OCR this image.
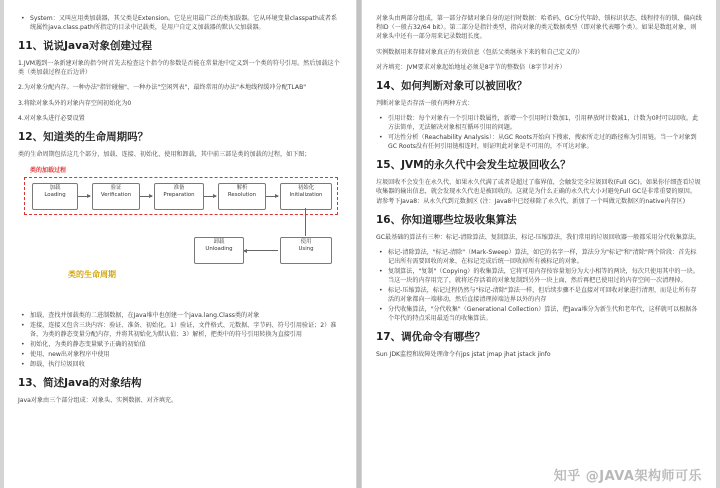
• System：又叫应用类加载器，其父类是Extension。它是应用最广泛的类加载器。它从环境变量classpath或者系统属性java.class.path所指定的目录中记载类，是用户自定义加载器的默认父加载器。
11、说说Java对象创建过程
1.JVM遇到一条新建对象的指令时首先去检查这个指令的参数是否能在常量池中定义到一个类的符号引用。然后加载这个类（类加载过程在后边讲）
2.为对象分配内存。一种办法"指针碰撞"、一种办法"空闲列表"，最终常用的办法"本地线程缓冲分配TLAB"
3.将除对象头外的对象内存空间初始化为0
4.对对象头进行必要设置
12、知道类的生命周期吗？
类的生命周期包括这几个部分，加载、连接、初始化、使用和卸载，其中前三部是类的加载的过程，如下图；
类的加载过程
加载
Loading
验证
Verification
准备
Preparation
解析
Resolution
初始化
Initialization
使用
Using
卸载
Unloading
类的生命周期
• 加载，查找并加载类的二进制数据，在Java堆中也创建一个java.lang.Class类的对象
• 连接，连接又包含三块内容：验证、准备、初始化。1）验证，文件格式、元数据、字节码、符号引用验证；2）准备，为类的静态变量分配内存，并将其初始化为默认值；3）解析，把类中的符号引用转换为直接引用
• 初始化，为类的静态变量赋予正确的初始值
• 使用，new出对象程序中使用
• 卸载，执行垃圾回收
13、简述Java的对象结构
Java对象由三个部分组成：对象头、实例数据、对齐填充。
对象头由两部分组成，第一部分存储对象自身的运行时数据：哈希码、GC分代年龄、锁标识状态、线程持有的锁、偏向线程ID（一般占32/64 bit）。第二部分是指针类型，指向对象的类元数据类型（即对象代表哪个类）。如果是数组对象，则对象头中还有一部分用来记录数组长度。
实例数据用来存储对象真正的有效信息（包括父类继承下来的和自己定义的）
对齐填充：JVM要求对象起始地址必须是8字节的整数倍（8字节对齐）
14、如何判断对象可以被回收？
判断对象是否存活一般有两种方式：
• 引用计数：每个对象有一个引用计数属性，新增一个引用时计数加1，引用释放时计数减1，计数为0时可以回收。此方法简单，无法解决对象相互循环引用的问题。
• 可达性分析（Reachability Analysis）：从GC Roots开始向下搜索，搜索所走过的路径称为引用链。当一个对象到GC Roots没有任何引用链相连时，则证明此对象是不可用的，不可达对象。
15、JVM的永久代中会发生垃圾回收么？
垃圾回收不会发生在永久代，如果永久代满了或者是超过了临界值，会触发完全垃圾回收(Full GC)。如果你仔细查看垃圾收集器的输出信息，就会发现永久代也是被回收的。这就是为什么正确的永久代大小对避免Full GC是非常重要的原因。请参考下Java8：从永久代到元数据区 (注：Java8中已经移除了永久代，新加了一个叫做元数据区的native内存区)
16、你知道哪些垃圾收集算法
GC最基础的算法有三种：标记-清除算法、复制算法、标记-压缩算法，我们常用的垃圾回收器一般都采用分代收集算法。
• 标记-清除算法，"标记-清除"（Mark-Sweep）算法，如它的名字一样，算法分为"标记"和"清除"两个阶段：首先标记出所有需要回收的对象，在标记完成后统一回收掉所有被标记的对象。
• 复制算法，"复制"（Copying）的收集算法，它将可用内存按容量划分为大小相等的两块，每次只使用其中的一块。当这一块的内存用完了，就将还存活着的对象复制到另外一块上面，然后再把已使用过的内存空间一次清理掉。
• 标记-压缩算法，标记过程仍然与"标记-清除"算法一样，但后续步骤不是直接对可回收对象进行清理，而是让所有存活的对象都向一端移动，然后直接清理掉端边界以外的内存
• 分代收集算法，"分代收集"（Generational Collection）算法，把Java堆分为新生代和老年代，这样就可以根据各个年代的特点采用最适当的收集算法。
17、调优命令有哪些？
Sun JDK监控和故障处理命令有jps jstat jmap jhat jstack jinfo
知乎 @JAVA架构师可乐
